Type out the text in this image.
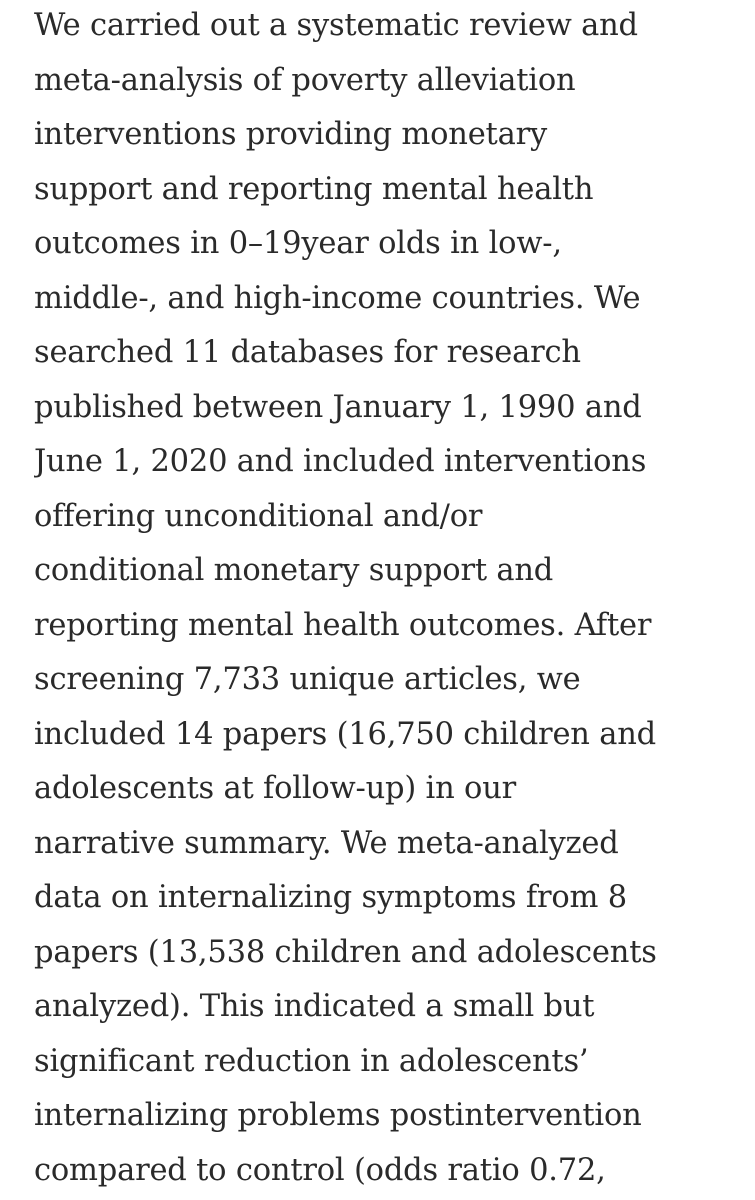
We carried out a systematic review and
meta-analysis of poverty alleviation
interventions providing monetary
support and reporting mental health
outcomes in 0–19year olds in low-,
middle-, and high-income countries. We
searched 11 databases for research
published between January 1, 1990 and
June 1, 2020 and included interventions
offering unconditional and/or
conditional monetary support and
reporting mental health outcomes. After
screening 7,733 unique articles, we
included 14 papers (16,750 children and
adolescents at follow-up) in our
narrative summary. We meta-analyzed
data on internalizing symptoms from 8
papers (13,538 children and adolescents
analyzed). This indicated a small but
significant reduction in adolescents’
internalizing problems postintervention
compared to control (odds ratio 0.72,
